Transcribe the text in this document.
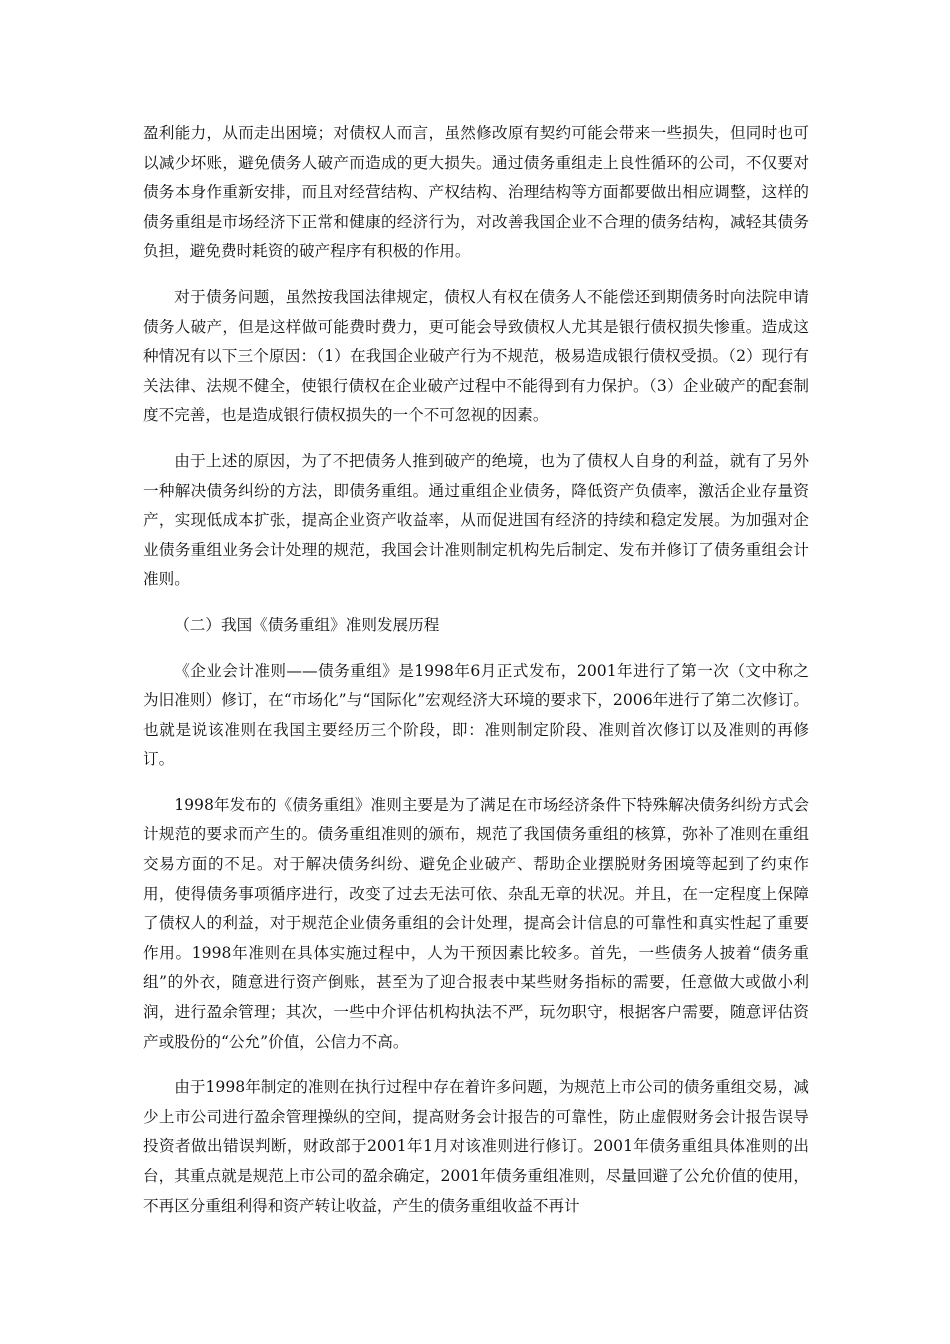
盈利能力，从而走出困境；对债权人而言，虽然修改原有契约可能会带来一些损失，但同时也可以减少坏账，避免债务人破产而造成的更大损失。通过债务重组走上良性循环的公司，不仅要对债务本身作重新安排，而且对经营结构、产权结构、治理结构等方面都要做出相应调整，这样的债务重组是市场经济下正常和健康的经济行为，对改善我国企业不合理的债务结构，减轻其债务负担，避免费时耗资的破产程序有积极的作用。

对于债务问题，虽然按我国法律规定，债权人有权在债务人不能偿还到期债务时向法院申请债务人破产，但是这样做可能费时费力，更可能会导致债权人尤其是银行债权损失惨重。造成这种情况有以下三个原因：（1）在我国企业破产行为不规范，极易造成银行债权受损。（2）现行有关法律、法规不健全，使银行债权在企业破产过程中不能得到有力保护。（3）企业破产的配套制度不完善，也是造成银行债权损失的一个不可忽视的因素。

由于上述的原因，为了不把债务人推到破产的绝境，也为了债权人自身的利益，就有了另外一种解决债务纠纷的方法，即债务重组。通过重组企业债务，降低资产负债率，激活企业存量资产，实现低成本扩张，提高企业资产收益率，从而促进国有经济的持续和稳定发展。为加强对企业债务重组业务会计处理的规范，我国会计准则制定机构先后制定、发布并修订了债务重组会计准则。

（二）我国《债务重组》准则发展历程

《企业会计准则——债务重组》是1998年6月正式发布，2001年进行了第一次（文中称之为旧准则）修订，在“市场化”与“国际化”宏观经济大环境的要求下，2006年进行了第二次修订。也就是说该准则在我国主要经历三个阶段，即：准则制定阶段、准则首次修订以及准则的再修订。

1998年发布的《债务重组》准则主要是为了满足在市场经济条件下特殊解决债务纠纷方式会计规范的要求而产生的。债务重组准则的颁布，规范了我国债务重组的核算，弥补了准则在重组交易方面的不足。对于解决债务纠纷、避免企业破产、帮助企业摆脱财务困境等起到了约束作用，使得债务事项循序进行，改变了过去无法可依、杂乱无章的状况。并且，在一定程度上保障了债权人的利益，对于规范企业债务重组的会计处理，提高会计信息的可靠性和真实性起了重要作用。1998年准则在具体实施过程中，人为干预因素比较多。首先，一些债务人披着“债务重组”的外衣，随意进行资产倒账，甚至为了迎合报表中某些财务指标的需要，任意做大或做小利润，进行盈余管理；其次，一些中介评估机构执法不严，玩勿职守，根据客户需要，随意评估资产或股份的“公允”价值，公信力不高。

由于1998年制定的准则在执行过程中存在着许多问题，为规范上市公司的债务重组交易，减少上市公司进行盈余管理操纵的空间，提高财务会计报告的可靠性，防止虚假财务会计报告误导投资者做出错误判断，财政部于2001年1月对该准则进行修订。2001年债务重组具体准则的出台，其重点就是规范上市公司的盈余确定，2001年债务重组准则，尽量回避了公允价值的使用，不再区分重组利得和资产转让收益，产生的债务重组收益不再计
